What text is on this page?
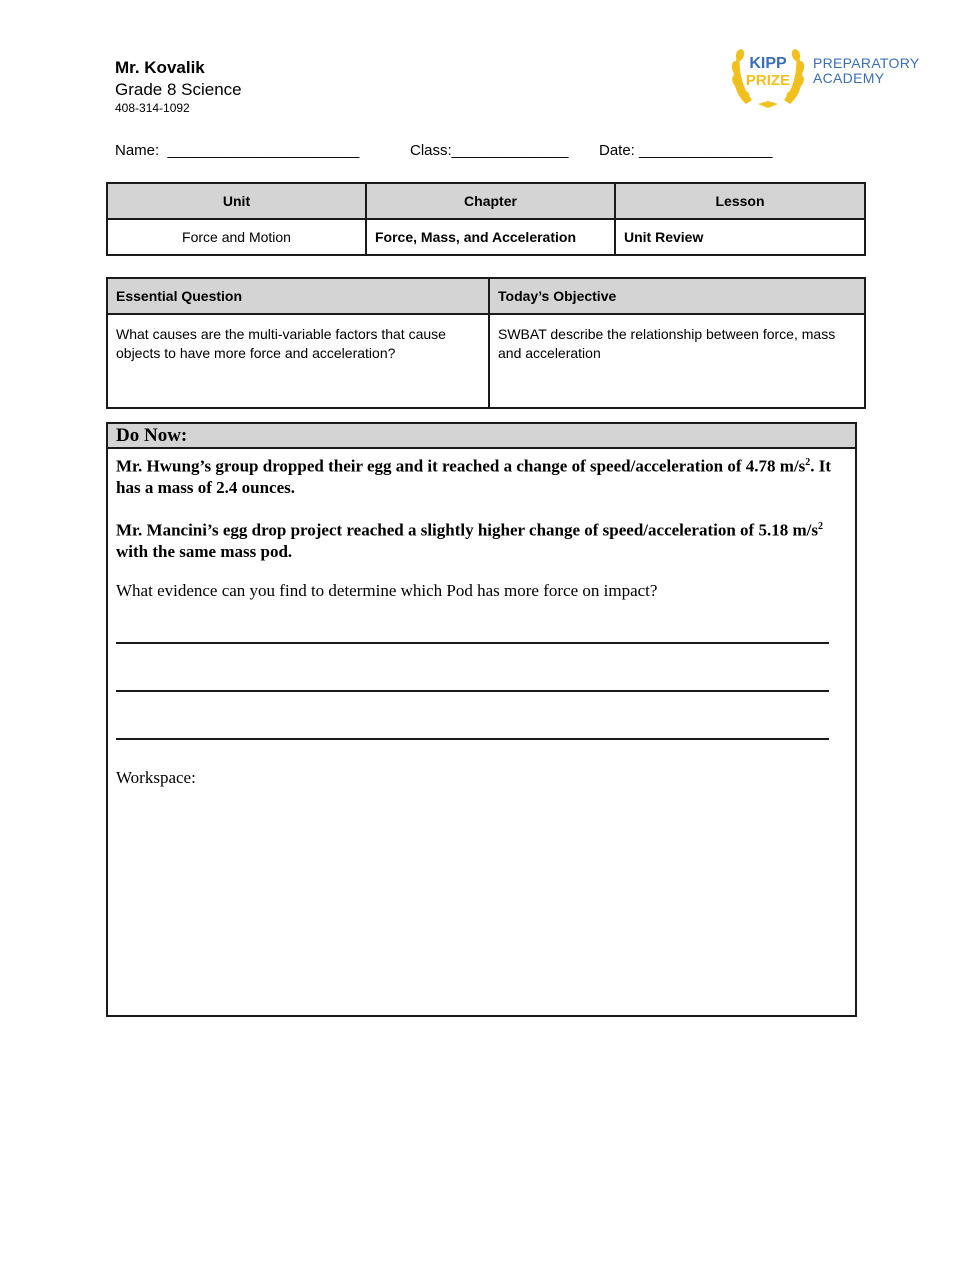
Mr. Kovalik
Grade 8 Science
408-314-1092
KIPP
PRIZE
PREPARATORY
ACADEMY
Name:  _______________________	Class:______________ Date: ________________
Unit	Chapter	Lesson
Force and Motion	Force, Mass, and Acceleration	Unit Review
Essential Question	Today’s Objective
What causes are the multi-variable factors that cause objects to have more force and acceleration?	SWBAT describe the relationship between force, mass and acceleration
Do Now:
Mr. Hwung’s group dropped their egg and it reached a change of speed/acceleration of 4.78 $m/s^2$. It has a mass of 2.4 ounces.
Mr. Mancini’s egg drop project reached a slightly higher change of speed/acceleration of 5.18 $m/s^2$ with the same mass pod.
What evidence can you find to determine which Pod has more force on impact?
Workspace:
